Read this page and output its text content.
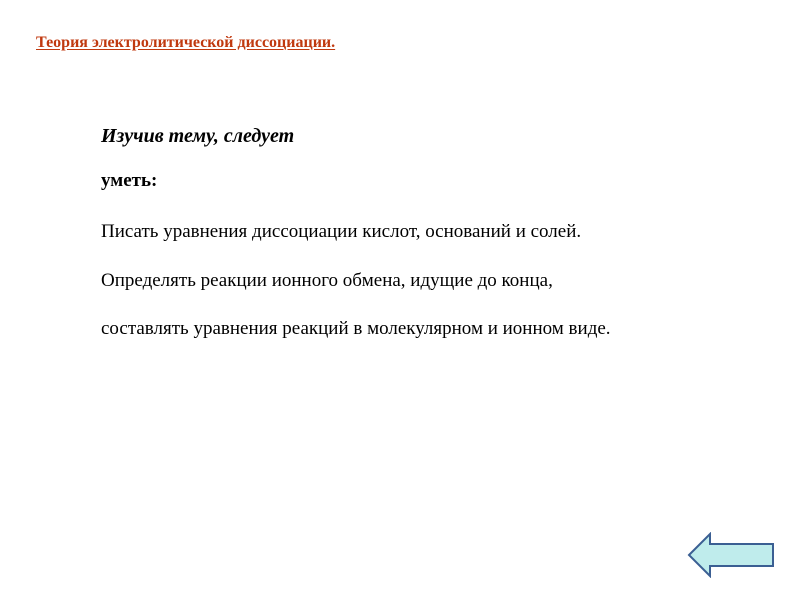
Теория электролитической диссоциации.
Изучив тему, следует
уметь:
Писать уравнения диссоциации кислот, оснований и солей.
Определять реакции ионного обмена, идущие до конца,
составлять уравнения реакций в молекулярном и ионном виде.
